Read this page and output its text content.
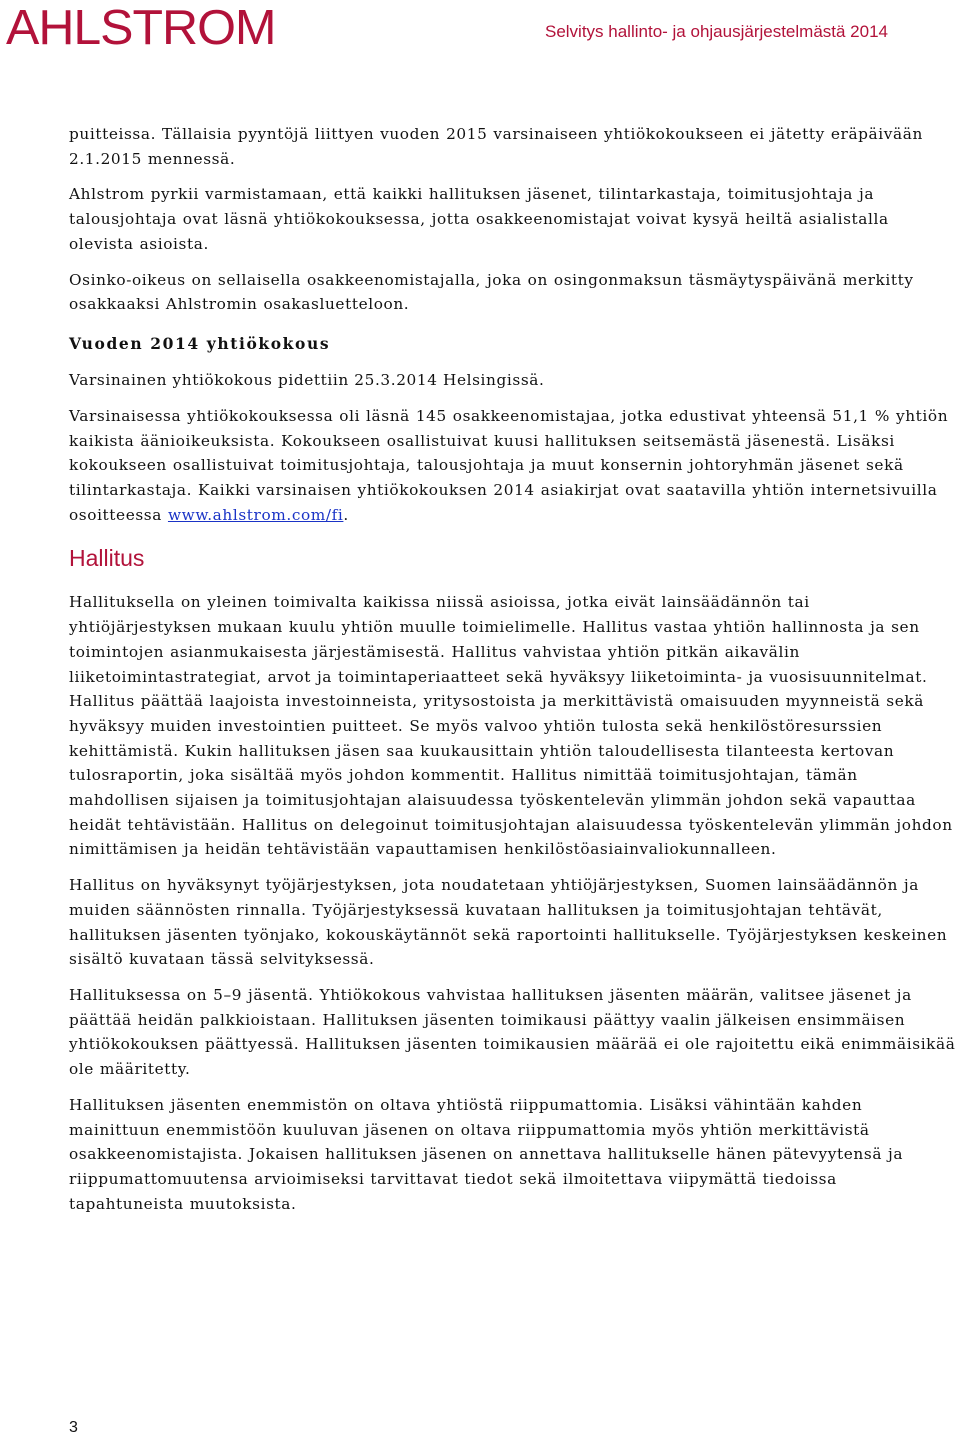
AHLSTROM	Selvitys hallinto- ja ohjausjärjestelmästä 2014

puitteissa. Tällaisia pyyntöjä liittyen vuoden 2015 varsinaiseen yhtiökokoukseen ei jätetty eräpäivään 2.1.2015 mennessä.

Ahlstrom pyrkii varmistamaan, että kaikki hallituksen jäsenet, tilintarkastaja, toimitusjohtaja ja talousjohtaja ovat läsnä yhtiökokouksessa, jotta osakkeenomistajat voivat kysyä heiltä asialistalla olevista asioista.

Osinko-oikeus on sellaisella osakkeenomistajalla, joka on osingonmaksun täsmäytyspäivänä merkitty osakkaaksi Ahlstromin osakasluetteloon.

Vuoden 2014 yhtiökokous

Varsinainen yhtiökokous pidettiin 25.3.2014 Helsingissä.

Varsinaisessa yhtiökokouksessa oli läsnä 145 osakkeenomistajaa, jotka edustivat yhteensä 51,1 % yhtiön kaikista äänioikeuksista. Kokoukseen osallistuivat kuusi hallituksen seitsemästä jäsenestä. Lisäksi kokoukseen osallistuivat toimitusjohtaja, talousjohtaja ja muut konsernin johtoryhmän jäsenet sekä tilintarkastaja. Kaikki varsinaisen yhtiökokouksen 2014 asiakirjat ovat saatavilla yhtiön internetsivuilla osoitteessa www.ahlstrom.com/fi.

Hallitus

Hallituksella on yleinen toimivalta kaikissa niissä asioissa, jotka eivät lainsäädännön tai yhtiöjärjestyksen mukaan kuulu yhtiön muulle toimielimelle. Hallitus vastaa yhtiön hallinnosta ja sen toimintojen asianmukaisesta järjestämisestä. Hallitus vahvistaa yhtiön pitkän aikavälin liiketoimintastrategiat, arvot ja toimintaperiaatteet sekä hyväksyy liiketoiminta- ja vuosisuunnitelmat. Hallitus päättää laajoista investoinneista, yritysostoista ja merkittävistä omaisuuden myynneistä sekä hyväksyy muiden investointien puitteet. Se myös valvoo yhtiön tulosta sekä henkilöstöresurssien kehittämistä. Kukin hallituksen jäsen saa kuukausittain yhtiön taloudellisesta tilanteesta kertovan tulosraportin, joka sisältää myös johdon kommentit. Hallitus nimittää toimitusjohtajan, tämän mahdollisen sijaisen ja toimitusjohtajan alaisuudessa työskentelevän ylimmän johdon sekä vapauttaa heidät tehtävistään. Hallitus on delegoinut toimitusjohtajan alaisuudessa työskentelevän ylimmän johdon nimittämisen ja heidän tehtävistään vapauttamisen henkilöstöasiainvaliokunnalleen.

Hallitus on hyväksynyt työjärjestyksen, jota noudatetaan yhtiöjärjestyksen, Suomen lainsäädännön ja muiden säännösten rinnalla. Työjärjestyksessä kuvataan hallituksen ja toimitusjohtajan tehtävät, hallituksen jäsenten työnjako, kokouskäytännöt sekä raportointi hallitukselle. Työjärjestyksen keskeinen sisältö kuvataan tässä selvityksessä.

Hallituksessa on 5–9 jäsentä. Yhtiökokous vahvistaa hallituksen jäsenten määrän, valitsee jäsenet ja päättää heidän palkkioistaan. Hallituksen jäsenten toimikausi päättyy vaalin jälkeisen ensimmäisen yhtiökokouksen päättyessä. Hallituksen jäsenten toimikausien määrää ei ole rajoitettu eikä enimmäisikää ole määritetty.

Hallituksen jäsenten enemmistön on oltava yhtiöstä riippumattomia. Lisäksi vähintään kahden mainittuun enemmistöön kuuluvan jäsenen on oltava riippumattomia myös yhtiön merkittävistä osakkeenomistajista. Jokaisen hallituksen jäsenen on annettava hallitukselle hänen pätevyytensä ja riippumattomuutensa arvioimiseksi tarvittavat tiedot sekä ilmoitettava viipymättä tiedoissa tapahtuneista muutoksista.

3
